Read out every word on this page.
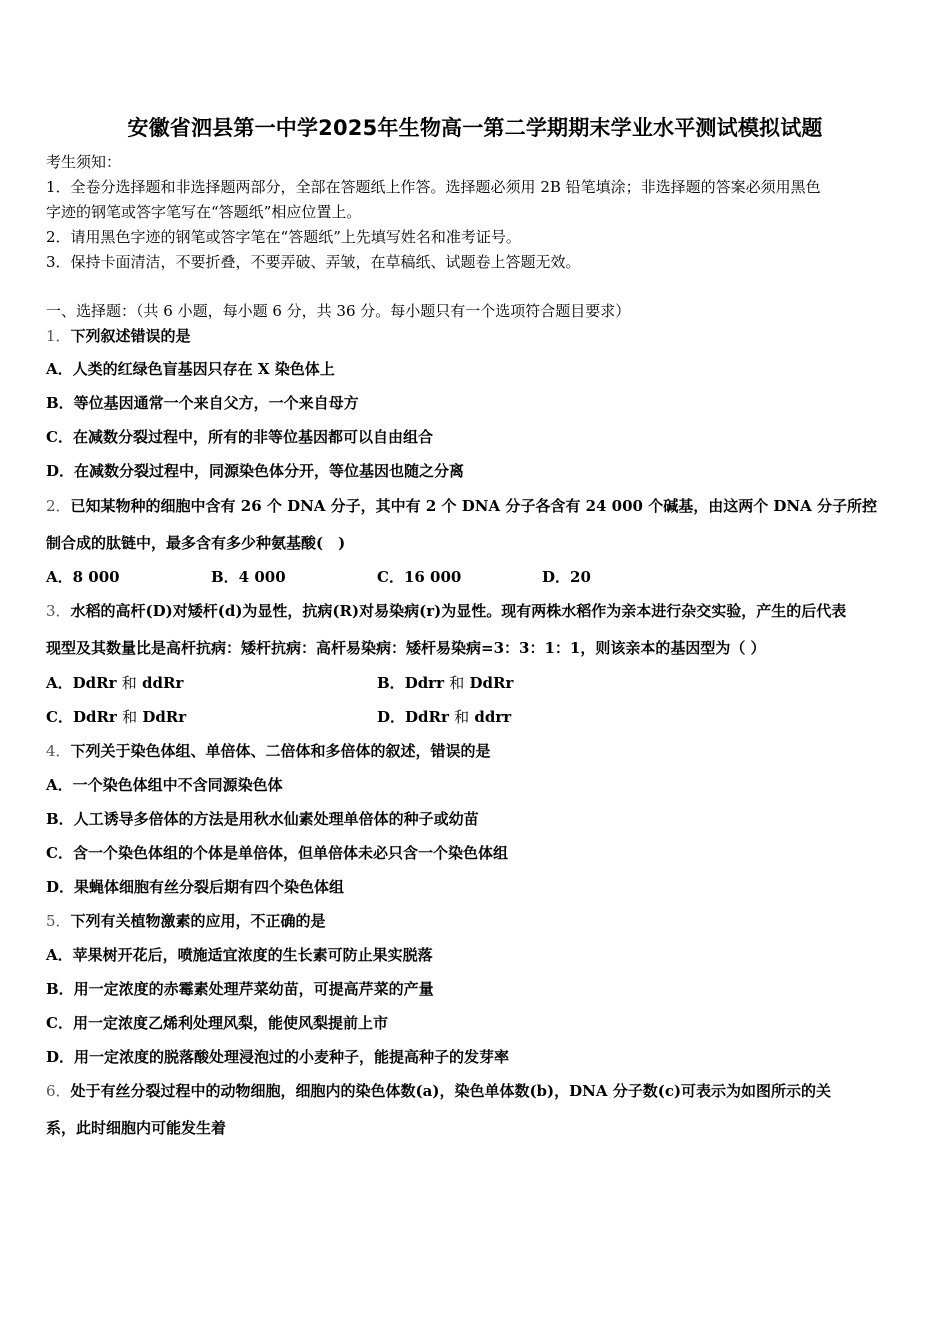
安徽省泗县第一中学2025年生物高一第二学期期末学业水平测试模拟试题
考生须知：
1．全卷分选择题和非选择题两部分，全部在答题纸上作答。选择题必须用 2B 铅笔填涂；非选择题的答案必须用黑色
字迹的钢笔或答字笔写在“答题纸”相应位置上。
2．请用黑色字迹的钢笔或答字笔在“答题纸”上先填写姓名和准考证号。
3．保持卡面清洁，不要折叠，不要弄破、弄皱，在草稿纸、试题卷上答题无效。
一、选择题：（共 6 小题，每小题 6 分，共 36 分。每小题只有一个选项符合题目要求）
1．下列叙述错误的是
A．人类的红绿色盲基因只存在 X 染色体上
B．等位基因通常一个来自父方，一个来自母方
C．在减数分裂过程中，所有的非等位基因都可以自由组合
D．在减数分裂过程中，同源染色体分开，等位基因也随之分离
2．已知某物种的细胞中含有 26 个 DNA 分子，其中有 2 个 DNA 分子各含有 24 000 个碱基，由这两个 DNA 分子所控
制合成的肽链中，最多含有多少种氨基酸(　)
A．8 000	B．4 000	C．16 000	D．20
3．水稻的高杆(D)对矮杆(d)为显性，抗病(R)对易染病(r)为显性。现有两株水稻作为亲本进行杂交实验，产生的后代表
现型及其数量比是高杆抗病：矮杆抗病：高杆易染病：矮杆易染病=3：3：1：1，则该亲本的基因型为（ ）
A．DdRr 和 ddRr	B．Ddrr 和 DdRr
C．DdRr 和 DdRr	D．DdRr 和 ddrr
4．下列关于染色体组、单倍体、二倍体和多倍体的叙述，错误的是
A．一个染色体组中不含同源染色体
B．人工诱导多倍体的方法是用秋水仙素处理单倍体的种子或幼苗
C．含一个染色体组的个体是单倍体，但单倍体未必只含一个染色体组
D．果蝇体细胞有丝分裂后期有四个染色体组
5．下列有关植物激素的应用，不正确的是
A．苹果树开花后，喷施适宜浓度的生长素可防止果实脱落
B．用一定浓度的赤霉素处理芹菜幼苗，可提高芹菜的产量
C．用一定浓度乙烯利处理风梨，能使风梨提前上市
D．用一定浓度的脱落酸处理浸泡过的小麦种子，能提高种子的发芽率
6．处于有丝分裂过程中的动物细胞，细胞内的染色体数(a)，染色单体数(b)，DNA 分子数(c)可表示为如图所示的关
系，此时细胞内可能发生着
